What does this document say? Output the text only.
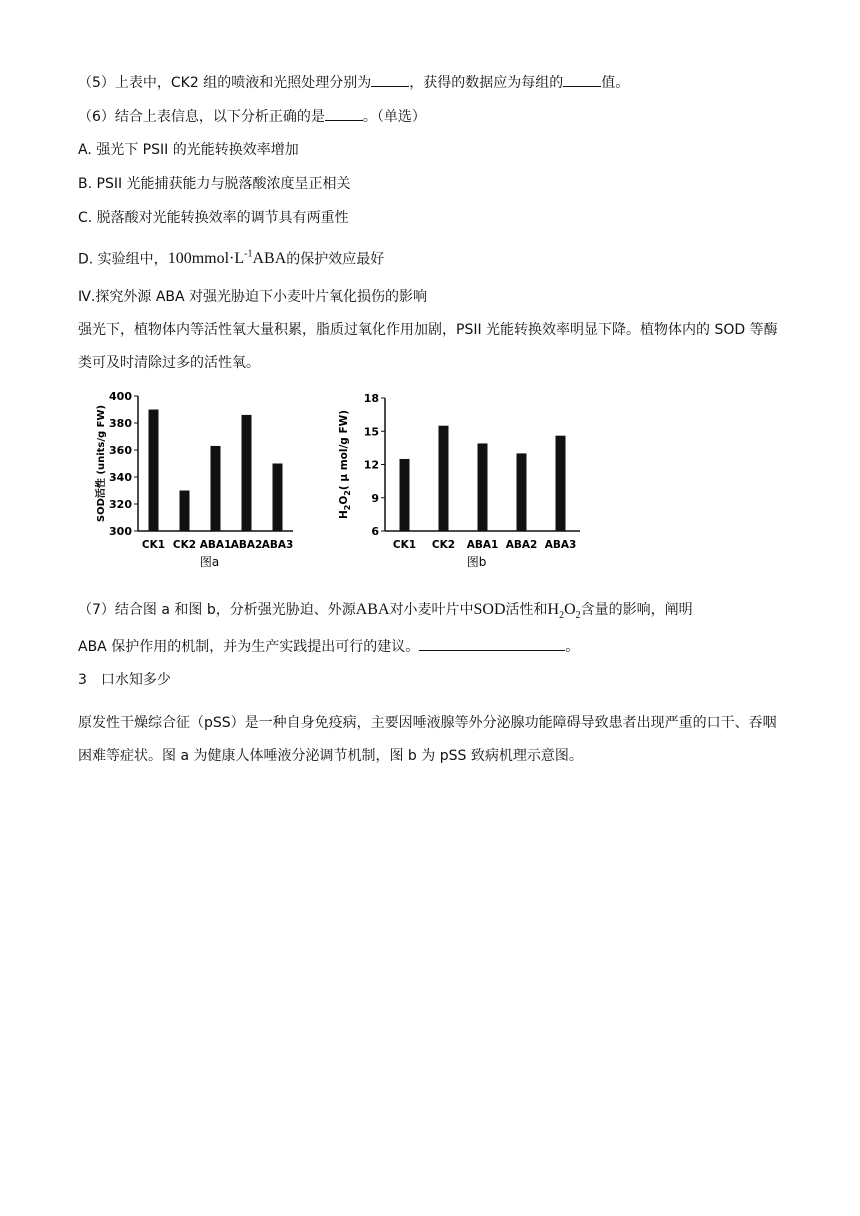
（5）上表中，CK2 组的喷液和光照处理分别为	，获得的数据应为每组的	值。
（6）结合上表信息，以下分析正确的是	。（单选）
A. 强光下 PSII 的光能转换效率增加
B. PSII 光能捕获能力与脱落酸浓度呈正相关
C. 脱落酸对光能转换效率的调节具有两重性
D. 实验组中，$100mmol\cdot L^{-1}ABA$的保护效应最好
Ⅳ.探究外源 ABA 对强光胁迫下小麦叶片氧化损伤的影响
强光下，植物体内等活性氧大量积累，脂质过氧化作用加剧，PSII 光能转换效率明显下降。植物体内的 SOD 等酶类可及时清除过多的活性氧。
300
320
340
360
380
400
CK1 CK2 ABA1 ABA2 ABA3
图a
SOD活性 (units/g FW)
6
9
12
15
18
CK1 CK2 ABA1 ABA2 ABA3
图b
$H_2O_2$( μ mol/g FW)
（7）结合图 a 和图 b，分析强光胁迫、外源ABA对小麦叶片中SOD活性和$H_2O_2$含量的影响，阐明
ABA 保护作用的机制，并为生产实践提出可行的建议。	。
3　口水知多少
原发性干燥综合征（pSS）是一种自身免疫病，主要因唾液腺等外分泌腺功能障碍导致患者出现严重的口干、吞咽困难等症状。图 a 为健康人体唾液分泌调节机制，图 b 为 pSS 致病机理示意图。
